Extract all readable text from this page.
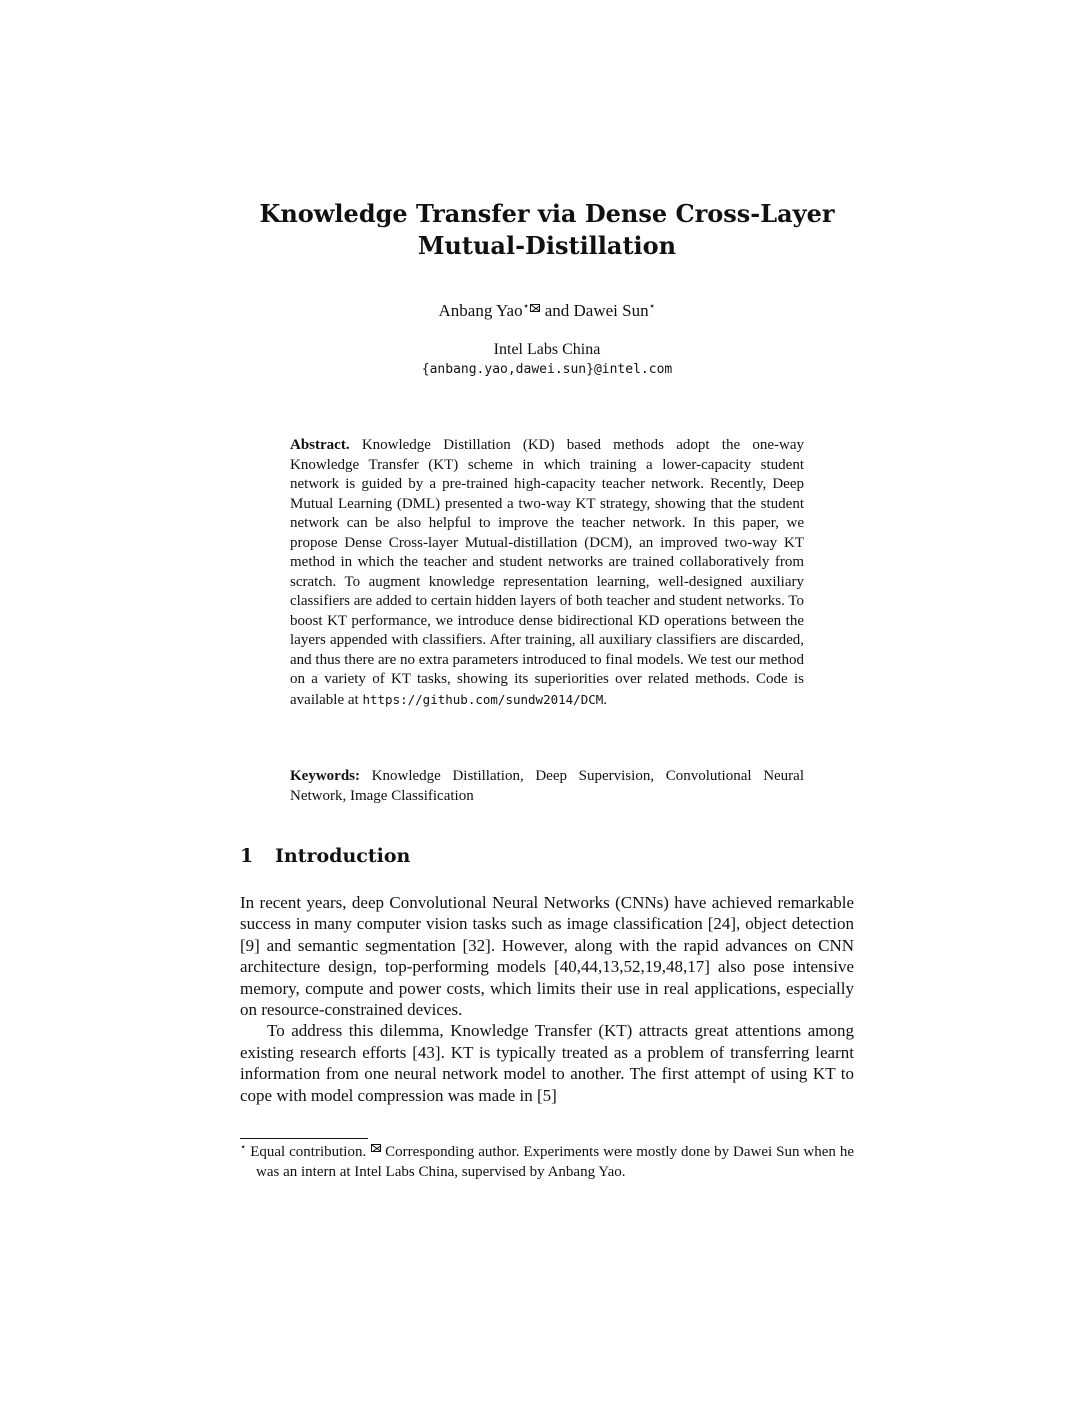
Knowledge Transfer via Dense Cross-Layer
Mutual-Distillation
Anbang Yao⋆ and Dawei Sun⋆
Intel Labs China
{anbang.yao,dawei.sun}@intel.com
Abstract. Knowledge Distillation (KD) based methods adopt the one-way Knowledge Transfer (KT) scheme in which training a lower-capacity student network is guided by a pre-trained high-capacity teacher network. Recently, Deep Mutual Learning (DML) presented a two-way KT strategy, showing that the student network can be also helpful to improve the teacher network. In this paper, we propose Dense Cross-layer Mutual-distillation (DCM), an improved two-way KT method in which the teacher and student networks are trained collaboratively from scratch. To augment knowledge representation learning, well-designed auxiliary classifiers are added to certain hidden layers of both teacher and student networks. To boost KT performance, we introduce dense bidirectional KD operations between the layers appended with classifiers. After training, all auxiliary classifiers are discarded, and thus there are no extra parameters introduced to final models. We test our method on a variety of KT tasks, showing its superiorities over related methods. Code is available at https://github.com/sundw2014/DCM.
Keywords: Knowledge Distillation, Deep Supervision, Convolutional Neural Network, Image Classification
1 Introduction

In recent years, deep Convolutional Neural Networks (CNNs) have achieved remarkable success in many computer vision tasks such as image classification [24], object detection [9] and semantic segmentation [32]. However, along with the rapid advances on CNN architecture design, top-performing models [40,44,13,52,19,48,17] also pose intensive memory, compute and power costs, which limits their use in real applications, especially on resource-constrained devices.

To address this dilemma, Knowledge Transfer (KT) attracts great attentions among existing research efforts [43]. KT is typically treated as a problem of transferring learnt information from one neural network model to another. The first attempt of using KT to cope with model compression was made in [5]

⋆ Equal contribution.  Corresponding author. Experiments were mostly done by Dawei Sun when he was an intern at Intel Labs China, supervised by Anbang Yao.
